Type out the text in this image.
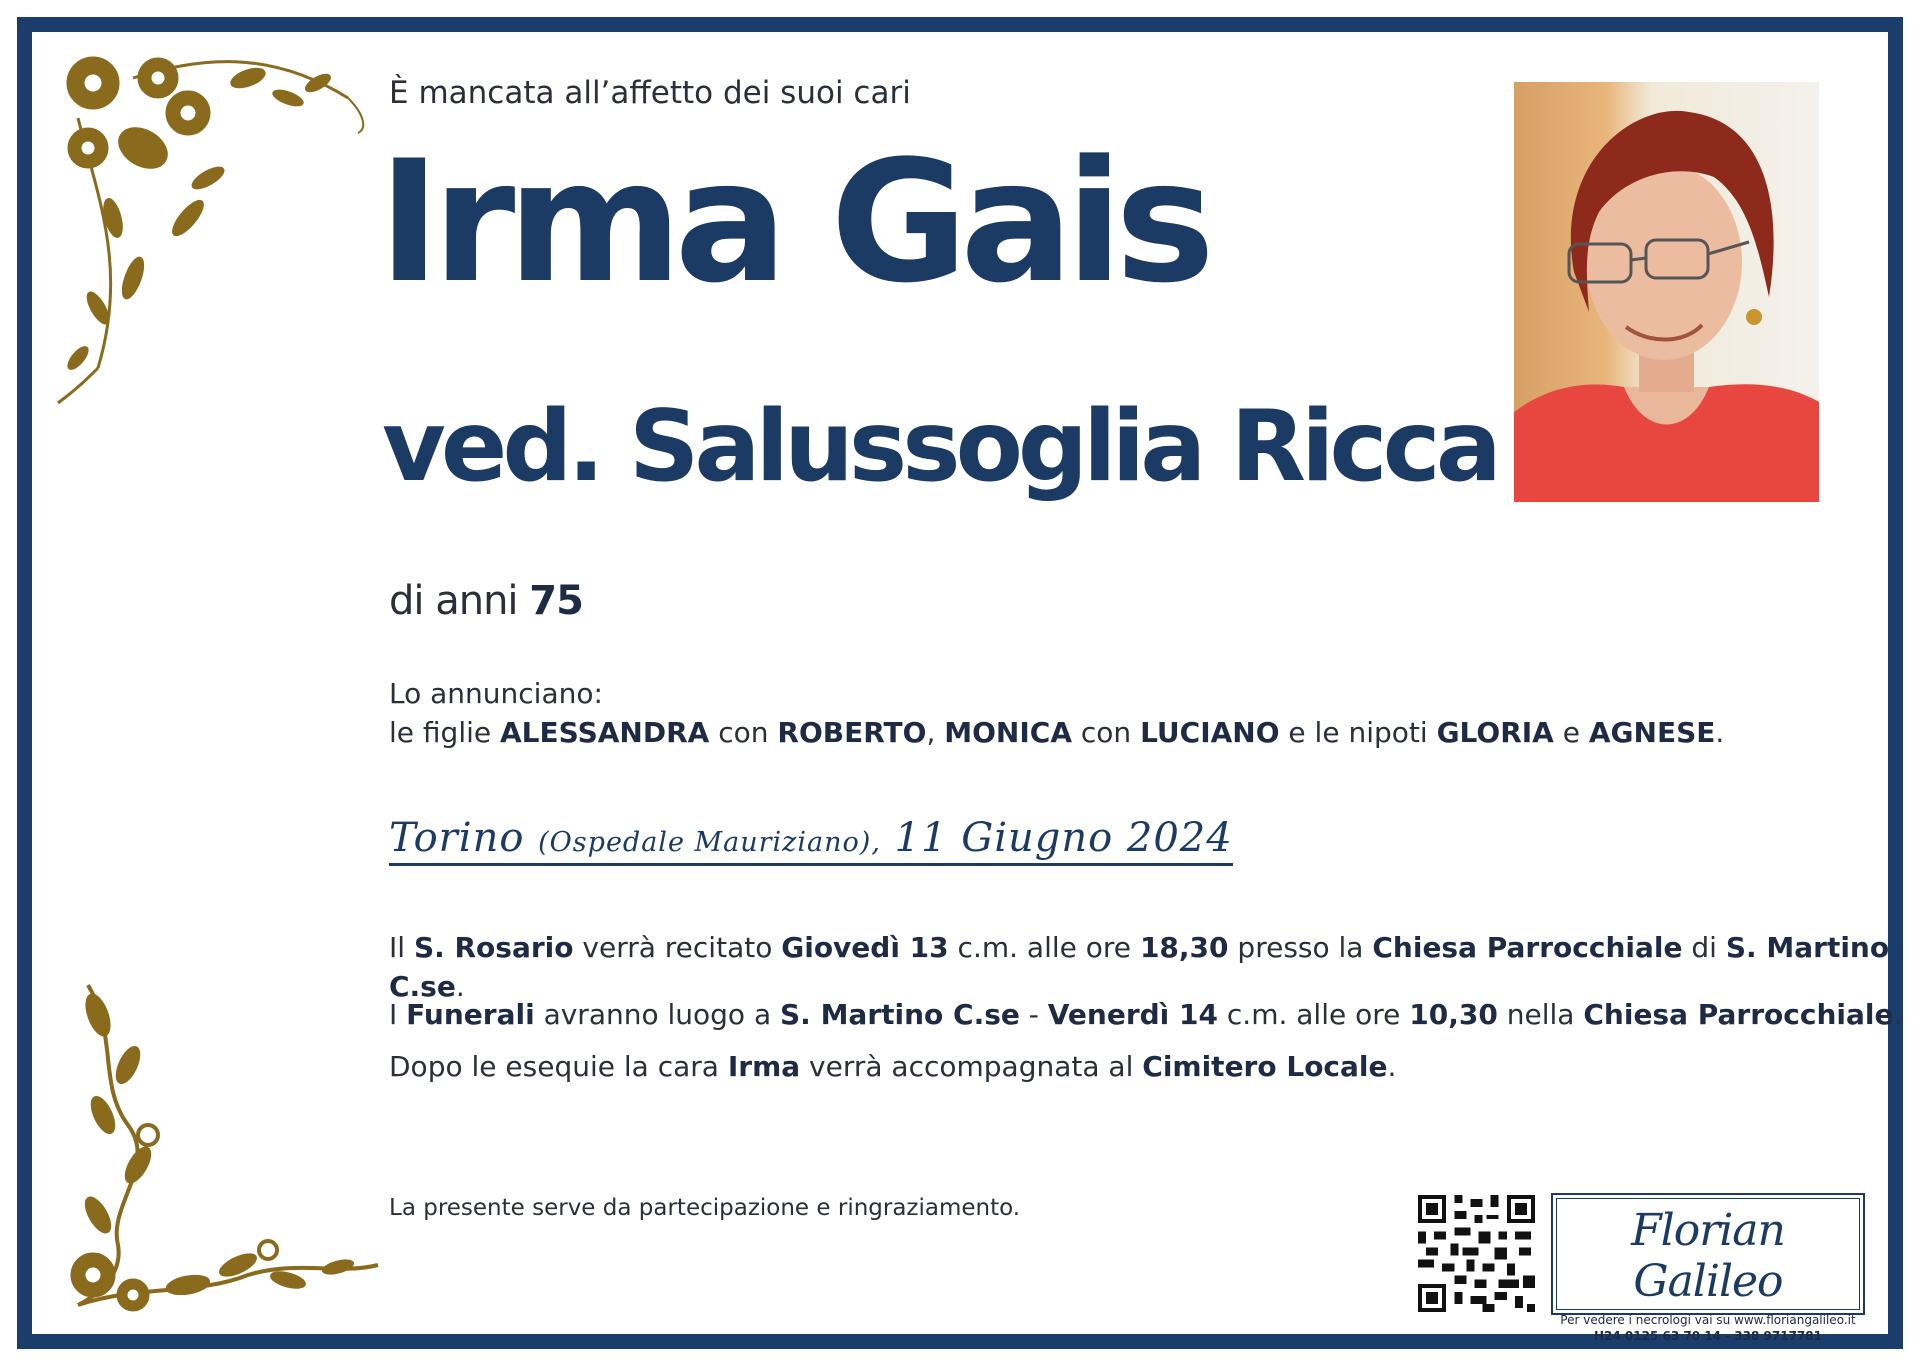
È mancata all’affetto dei suoi cari
Irma Gais
ved. Salussoglia Ricca
di anni 75
Lo annunciano:
le figlie ALESSANDRA con ROBERTO, MONICA con LUCIANO e le nipoti GLORIA e AGNESE.
Torino (Ospedale Mauriziano), 11 Giugno 2024
Il S. Rosario verrà recitato Giovedì 13 c.m. alle ore 18,30 presso la Chiesa Parrocchiale di S. Martino C.se.
I Funerali avranno luogo a S. Martino C.se - Venerdì 14 c.m. alle ore 10,30 nella Chiesa Parrocchiale.
Dopo le esequie la cara Irma verrà accompagnata al Cimitero Locale.
La presente serve da partecipazione e ringraziamento.	Florian Galileo
Per vedere i necrologi vai su www.floriangalileo.it
H24 0125 63 70 14 - 338 9717781
